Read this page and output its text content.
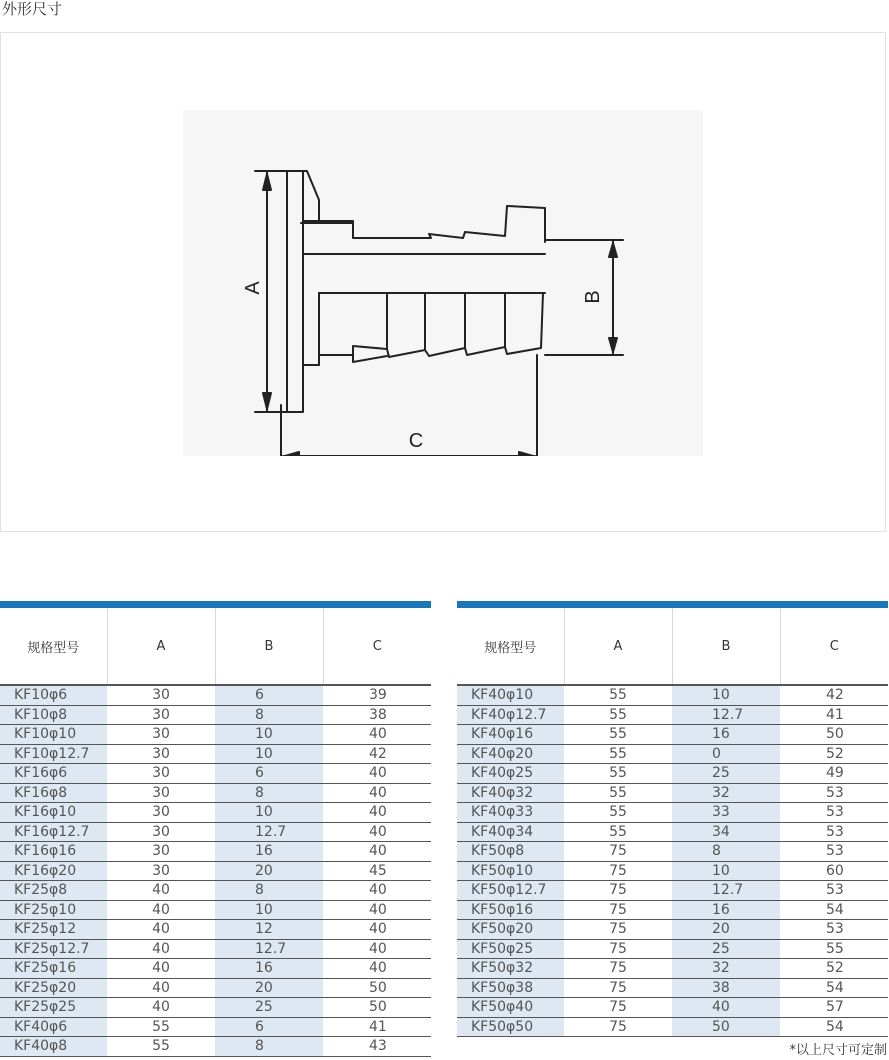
外形尺寸
A
B
C

规格型号	A	B	C
KF10φ6	30	6	39
KF10φ8	30	8	38
KF10φ10	30	10	40
KF10φ12.7	30	10	42
KF16φ6	30	6	40
KF16φ8	30	8	40
KF16φ10	30	10	40
KF16φ12.7	30	12.7	40
KF16φ16	30	16	40
KF16φ20	30	20	45
KF25φ8	40	8	40
KF25φ10	40	10	40
KF25φ12	40	12	40
KF25φ12.7	40	12.7	40
KF25φ16	40	16	40
KF25φ20	40	20	50
KF25φ25	40	25	50
KF40φ6	55	6	41
KF40φ8	55	8	43

规格型号	A	B	C
KF40φ10	55	10	42
KF40φ12.7	55	12.7	41
KF40φ16	55	16	50
KF40φ20	55	0	52
KF40φ25	55	25	49
KF40φ32	55	32	53
KF40φ33	55	33	53
KF40φ34	55	34	53
KF50φ8	75	8	53
KF50φ10	75	10	60
KF50φ12.7	75	12.7	53
KF50φ16	75	16	54
KF50φ20	75	20	53
KF50φ25	75	25	55
KF50φ32	75	32	52
KF50φ38	75	38	54
KF50φ40	75	40	57
KF50φ50	75	50	54
*以上尺寸可定制
